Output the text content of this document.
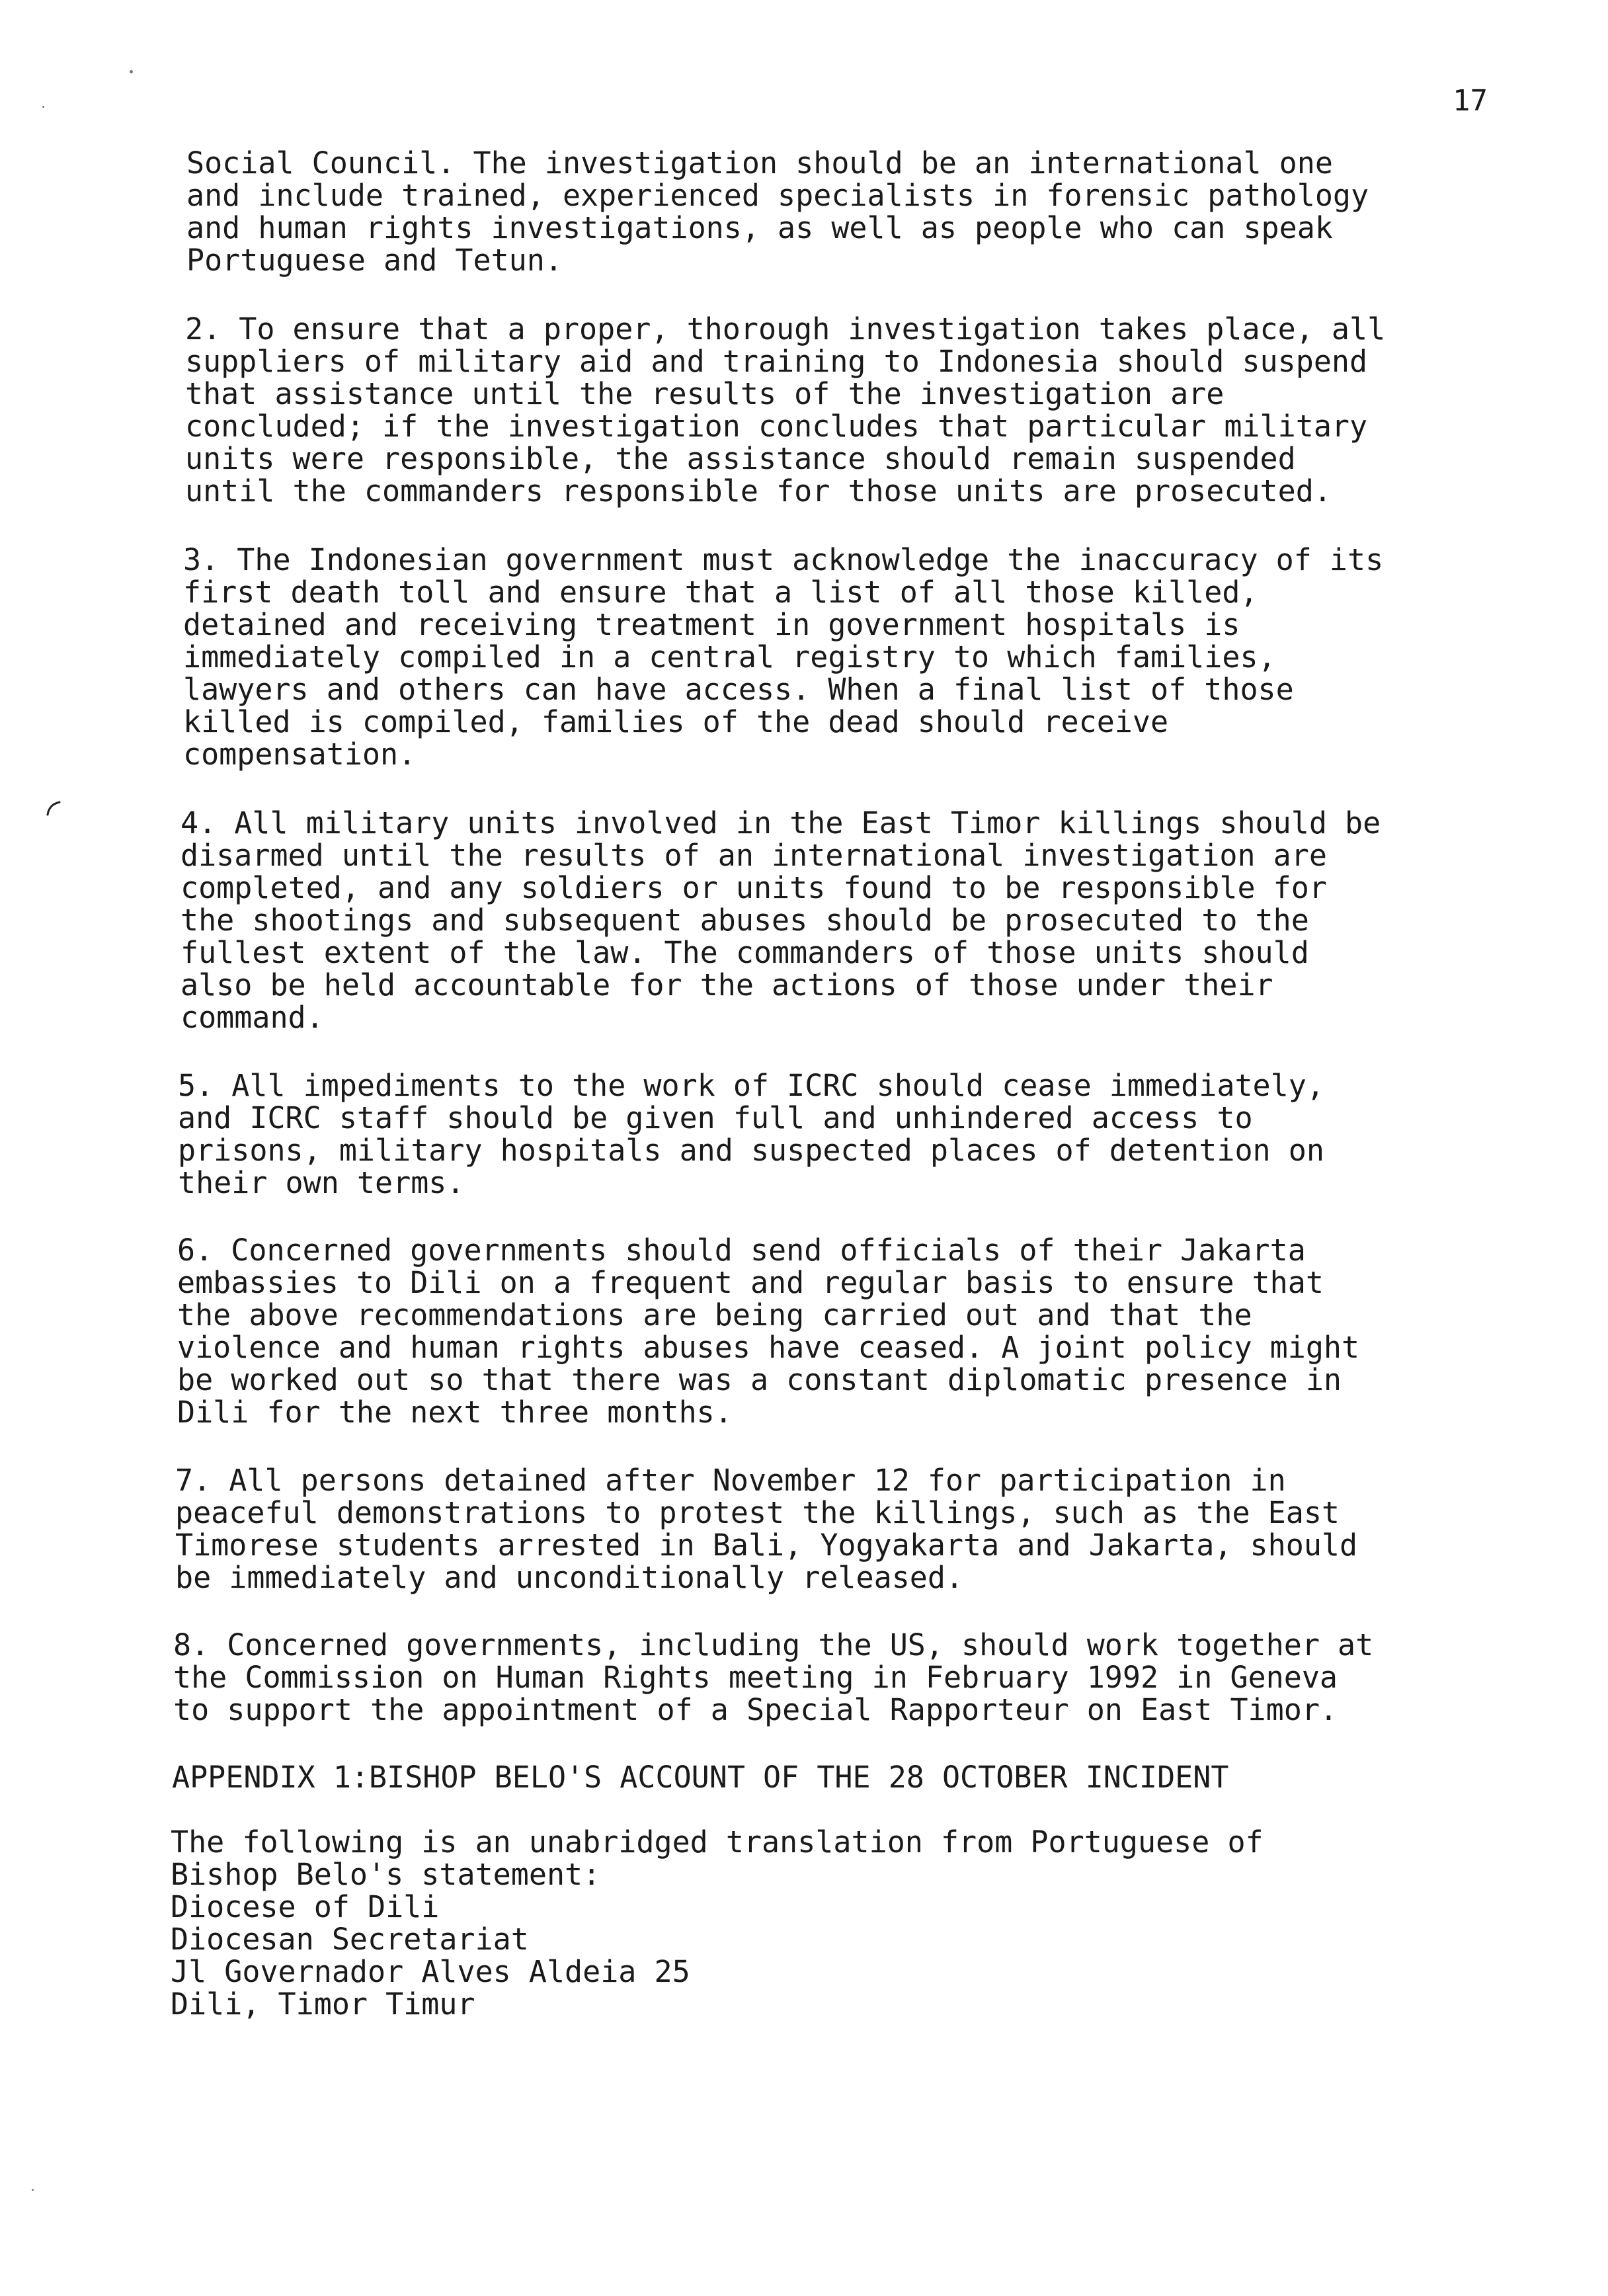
17

Social Council. The investigation should be an international one
and include trained, experienced specialists in forensic pathology
and human rights investigations, as well as people who can speak
Portuguese and Tetun.

2. To ensure that a proper, thorough investigation takes place, all
suppliers of military aid and training to Indonesia should suspend
that assistance until the results of the investigation are
concluded; if the investigation concludes that particular military
units were responsible, the assistance should remain suspended
until the commanders responsible for those units are prosecuted.

3. The Indonesian government must acknowledge the inaccuracy of its
first death toll and ensure that a list of all those killed,
detained and receiving treatment in government hospitals is
immediately compiled in a central registry to which families,
lawyers and others can have access. When a final list of those
killed is compiled, families of the dead should receive
compensation.

4. All military units involved in the East Timor killings should be
disarmed until the results of an international investigation are
completed, and any soldiers or units found to be responsible for
the shootings and subsequent abuses should be prosecuted to the
fullest extent of the law. The commanders of those units should
also be held accountable for the actions of those under their
command.

5. All impediments to the work of ICRC should cease immediately,
and ICRC staff should be given full and unhindered access to
prisons, military hospitals and suspected places of detention on
their own terms.

6. Concerned governments should send officials of their Jakarta
embassies to Dili on a frequent and regular basis to ensure that
the above recommendations are being carried out and that the
violence and human rights abuses have ceased. A joint policy might
be worked out so that there was a constant diplomatic presence in
Dili for the next three months.

7. All persons detained after November 12 for participation in
peaceful demonstrations to protest the killings, such as the East
Timorese students arrested in Bali, Yogyakarta and Jakarta, should
be immediately and unconditionally released.

8. Concerned governments, including the US, should work together at
the Commission on Human Rights meeting in February 1992 in Geneva
to support the appointment of a Special Rapporteur on East Timor.

APPENDIX 1:BISHOP BELO'S ACCOUNT OF THE 28 OCTOBER INCIDENT

The following is an unabridged translation from Portuguese of
Bishop Belo's statement:
Diocese of Dili
Diocesan Secretariat
Jl Governador Alves Aldeia 25
Dili, Timor Timur
